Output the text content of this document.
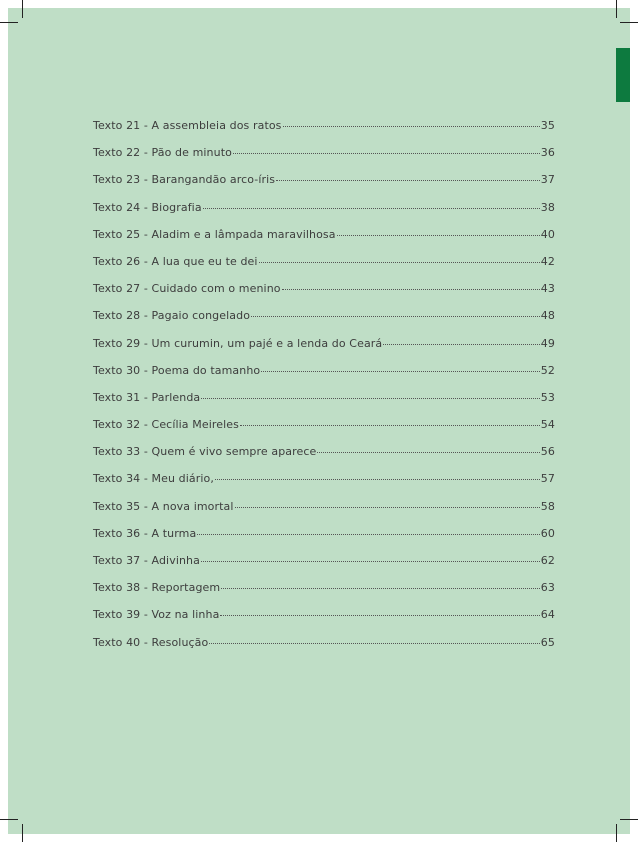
Texto 21 - A assembleia dos ratos	35
Texto 22 - Pão de minuto	36
Texto 23 - Barangandão arco-íris	37
Texto 24 - Biografia	38
Texto 25 - Aladim e a lâmpada maravilhosa	40
Texto 26 - A lua que eu te dei	42
Texto 27 - Cuidado com o menino	43
Texto 28 - Pagaio congelado	48
Texto 29 - Um curumin, um pajé e a lenda do Ceará	49
Texto 30 - Poema do tamanho	52
Texto 31 - Parlenda	53
Texto 32 - Cecília Meireles	54
Texto 33 - Quem é vivo sempre aparece	56
Texto 34 - Meu diário,	57
Texto 35 - A nova imortal	58
Texto 36 - A turma	60
Texto 37 - Adivinha	62
Texto 38 - Reportagem	63
Texto 39 - Voz na linha	64
Texto 40 - Resolução	65
